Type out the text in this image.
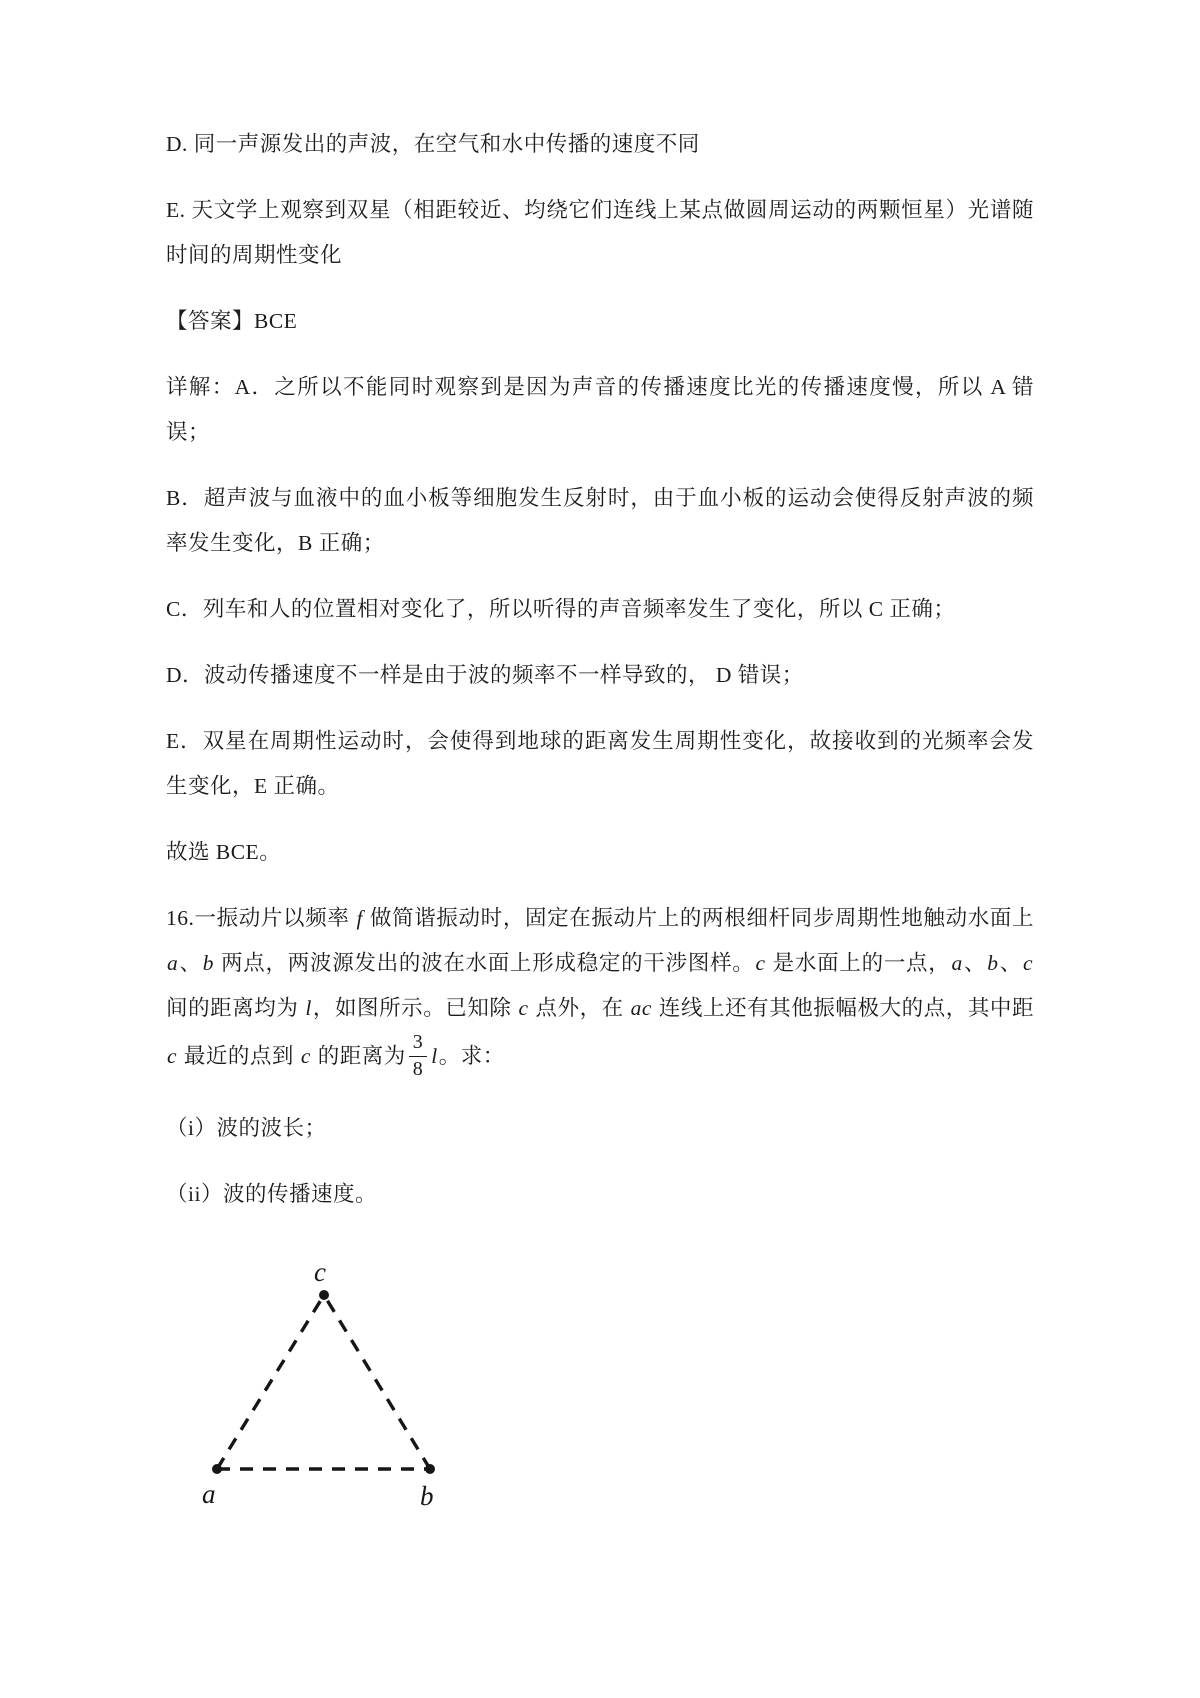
D. 同一声源发出的声波，在空气和水中传播的速度不同

E. 天文学上观察到双星（相距较近、均绕它们连线上某点做圆周运动的两颗恒星）光谱随时间的周期性变化

【答案】BCE

详解：A．之所以不能同时观察到是因为声音的传播速度比光的传播速度慢，所以 A 错误；

B．超声波与血液中的血小板等细胞发生反射时，由于血小板的运动会使得反射声波的频率发生变化，B 正确；

C．列车和人的位置相对变化了，所以听得的声音频率发生了变化，所以 C 正确；

D．波动传播速度不一样是由于波的频率不一样导致的， D 错误；

E．双星在周期性运动时，会使得到地球的距离发生周期性变化，故接收到的光频率会发生变化，E 正确。

故选 BCE。

16.一振动片以频率 f 做简谐振动时，固定在振动片上的两根细杆同步周期性地触动水面上 a、b 两点，两波源发出的波在水面上形成稳定的干涉图样。c 是水面上的一点，a、b、c 间的距离均为 l，如图所示。已知除 c 点外，在 ac 连线上还有其他振幅极大的点，其中距 c 最近的点到 c 的距离为 $\frac{3}{8}$ l。求：

（i）波的波长；

（ii）波的传播速度。

c
a	b
